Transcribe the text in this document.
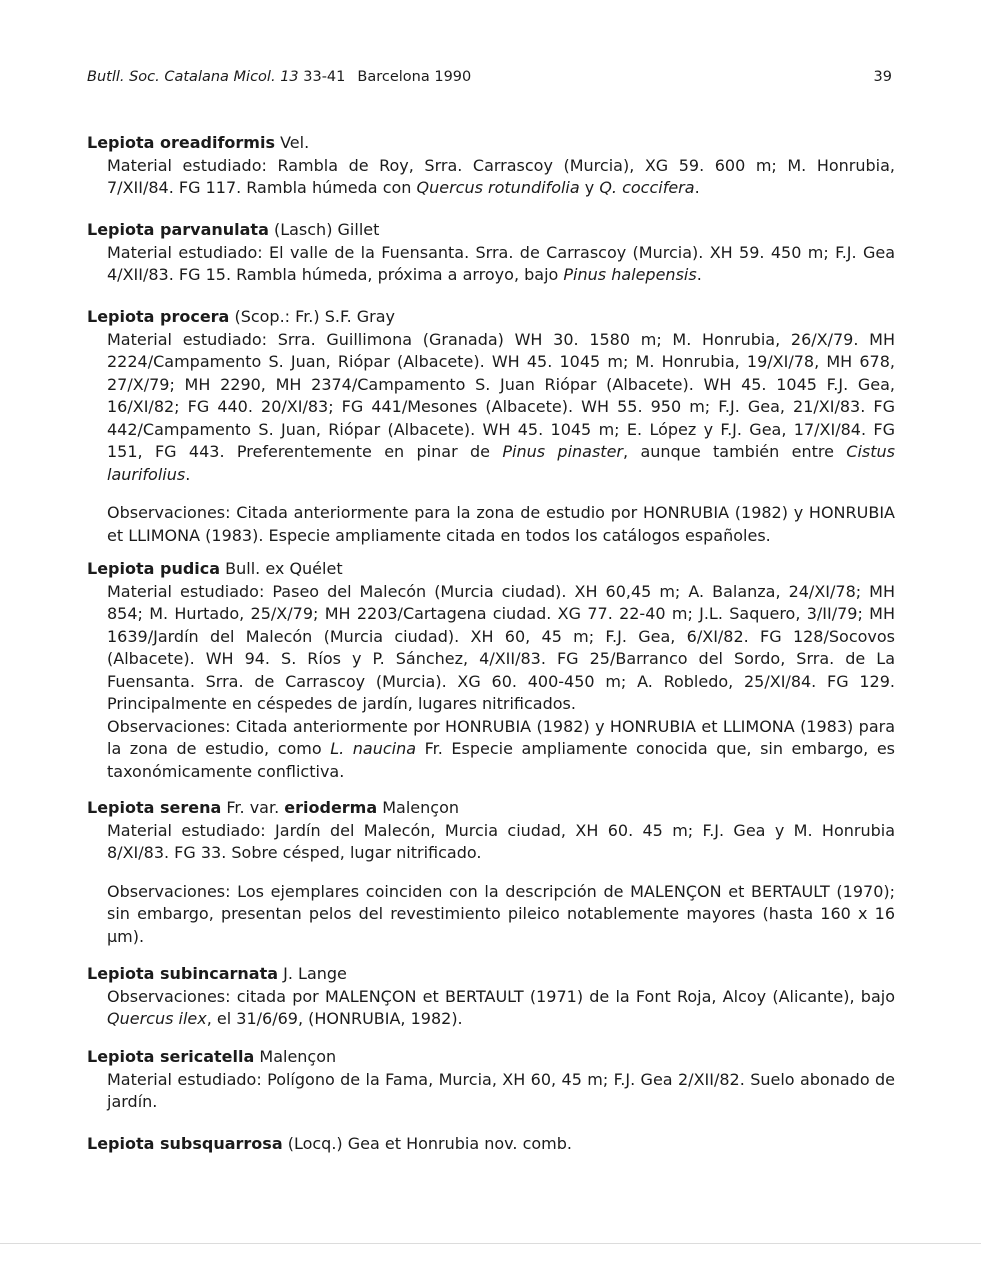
Butll. Soc. Catalana Micol. 13 33-41 Barcelona 1990	39
Lepiota oreadiformis Vel.
Material estudiado: Rambla de Roy, Srra. Carrascoy (Murcia), XG 59. 600 m; M. Honrubia, 7/XII/84. FG 117. Rambla húmeda con Quercus rotundifolia y Q. coccifera.
Lepiota parvanulata (Lasch) Gillet
Material estudiado: El valle de la Fuensanta. Srra. de Carrascoy (Murcia). XH 59. 450 m; F.J. Gea 4/XII/83. FG 15. Rambla húmeda, próxima a arroyo, bajo Pinus halepensis.
Lepiota procera (Scop.: Fr.) S.F. Gray
Material estudiado: Srra. Guillimona (Granada) WH 30. 1580 m; M. Honrubia, 26/X/79. MH 2224/Campamento S. Juan, Riópar (Albacete). WH 45. 1045 m; M. Honrubia, 19/XI/78, MH 678, 27/X/79; MH 2290, MH 2374/Campamento S. Juan Riópar (Albacete). WH 45. 1045 F.J. Gea, 16/XI/82; FG 440. 20/XI/83; FG 441/Mesones (Albacete). WH 55. 950 m; F.J. Gea, 21/XI/83. FG 442/Campamento S. Juan, Riópar (Albacete). WH 45. 1045 m; E. López y F.J. Gea, 17/XI/84. FG 151, FG 443. Preferentemente en pinar de Pinus pinaster, aunque también entre Cistus laurifolius.
Observaciones: Citada anteriormente para la zona de estudio por HONRUBIA (1982) y HONRUBIA et LLIMONA (1983). Especie ampliamente citada en todos los catálogos españoles.
Lepiota pudica Bull. ex Quélet
Material estudiado: Paseo del Malecón (Murcia ciudad). XH 60,45 m; A. Balanza, 24/XI/78; MH 854; M. Hurtado, 25/X/79; MH 2203/Cartagena ciudad. XG 77. 22-40 m; J.L. Saquero, 3/II/79; MH 1639/Jardín del Malecón (Murcia ciudad). XH 60, 45 m; F.J. Gea, 6/XI/82. FG 128/Socovos (Albacete). WH 94. S. Ríos y P. Sánchez, 4/XII/83. FG 25/Barranco del Sordo, Srra. de La Fuensanta. Srra. de Carrascoy (Murcia). XG 60. 400-450 m; A. Robledo, 25/XI/84. FG 129. Principalmente en céspedes de jardín, lugares nitrificados.
Observaciones: Citada anteriormente por HONRUBIA (1982) y HONRUBIA et LLIMONA (1983) para la zona de estudio, como L. naucina Fr. Especie ampliamente conocida que, sin embargo, es taxonómicamente conflictiva.
Lepiota serena Fr. var. erioderma Malençon
Material estudiado: Jardín del Malecón, Murcia ciudad, XH 60. 45 m; F.J. Gea y M. Honrubia 8/XI/83. FG 33. Sobre césped, lugar nitrificado.
Observaciones: Los ejemplares coinciden con la descripción de MALENÇON et BERTAULT (1970); sin embargo, presentan pelos del revestimiento pileico notablemente mayores (hasta 160 x 16 µm).
Lepiota subincarnata J. Lange
Observaciones: citada por MALENÇON et BERTAULT (1971) de la Font Roja, Alcoy (Alicante), bajo Quercus ilex, el 31/6/69, (HONRUBIA, 1982).
Lepiota sericatella Malençon
Material estudiado: Polígono de la Fama, Murcia, XH 60, 45 m; F.J. Gea 2/XII/82. Suelo abonado de jardín.
Lepiota subsquarrosa (Locq.) Gea et Honrubia nov. comb.
